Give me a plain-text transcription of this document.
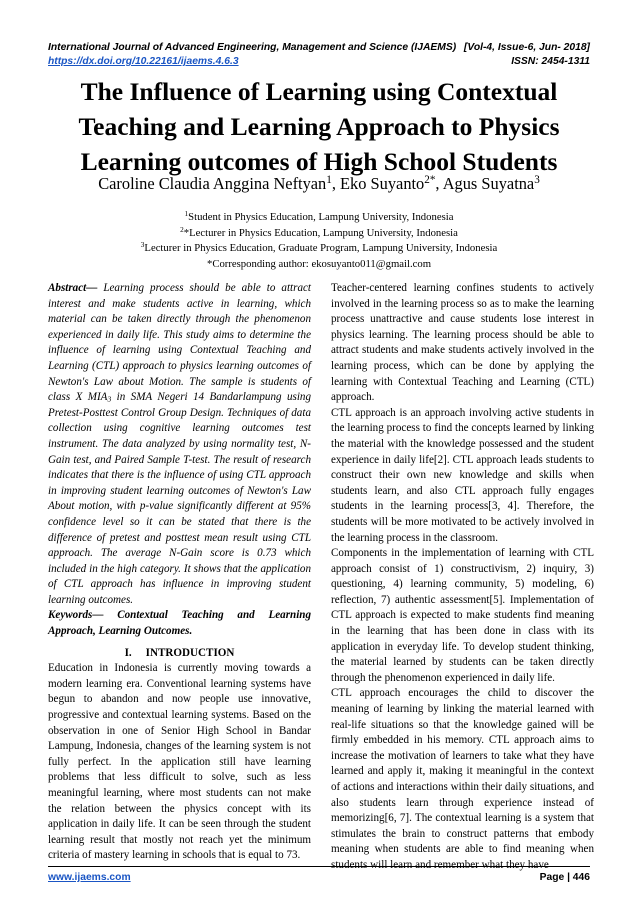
International Journal of Advanced Engineering, Management and Science (IJAEMS) [Vol-4, Issue-6, Jun- 2018]
https://dx.doi.org/10.22161/ijaems.4.6.3	ISSN: 2454-1311
The Influence of Learning using Contextual
Teaching and Learning Approach to Physics
Learning outcomes of High School Students
Caroline Claudia Anggina Neftyan$^1$, Eko Suyanto$^{2*}$, Agus Suyatna$^3$
$^1$Student in Physics Education, Lampung University, Indonesia
$^2$*Lecturer in Physics Education, Lampung University, Indonesia
$^3$Lecturer in Physics Education, Graduate Program, Lampung University, Indonesia
*Corresponding author: ekosuyanto011@gmail.com

Abstract— Learning process should be able to attract interest and make students active in learning, which material can be taken directly through the phenomenon experienced in daily life. This study aims to determine the influence of learning using Contextual Teaching and Learning (CTL) approach to physics learning outcomes of Newton's Law about Motion. The sample is students of class X $MIA_3$ in SMA Negeri 14 Bandarlampung using Pretest-Posttest Control Group Design. Techniques of data collection using cognitive learning outcomes test instrument. The data analyzed by using normality test, N-Gain test, and Paired Sample T-test. The result of research indicates that there is the influence of using CTL approach in improving student learning outcomes of Newton's Law About motion, with p-value significantly different at 95% confidence level so it can be stated that there is the difference of pretest and posttest mean result using CTL approach. The average N-Gain score is 0.73 which included in the high category. It shows that the application of CTL approach has influence in improving student learning outcomes.

Keywords— Contextual Teaching and Learning Approach, Learning Outcomes.

I. INTRODUCTION

Education in Indonesia is currently moving towards a modern learning era. Conventional learning systems have begun to abandon and now people use innovative, progressive and contextual learning systems. Based on the observation in one of Senior High School in Bandar Lampung, Indonesia, changes of the learning system is not fully perfect. In the application still have learning problems that less difficult to solve, such as less meaningful learning, where most students can not make the relation between the physics concept with its application in daily life. It can be seen through the student learning result that mostly not reach yet the minimum criteria of mastery learning in schools that is equal to 73.

Teacher-centered learning confines students to actively involved in the learning process so as to make the learning process unattractive and cause students lose interest in physics learning. The learning process should be able to attract students and make students actively involved in the learning process, which can be done by applying the learning with Contextual Teaching and Learning (CTL) approach.

CTL approach is an approach involving active students in the learning process to find the concepts learned by linking the material with the knowledge possessed and the student experience in daily life[2]. CTL approach leads students to construct their own new knowledge and skills when students learn, and also CTL approach fully engages students in the learning process[3, 4]. Therefore, the students will be more motivated to be actively involved in the learning process in the classroom.

Components in the implementation of learning with CTL approach consist of 1) constructivism, 2) inquiry, 3) questioning, 4) learning community, 5) modeling, 6) reflection, 7) authentic assessment[5]. Implementation of CTL approach is expected to make students find meaning in the learning that has been done in class with its application in everyday life. To develop student thinking, the material learned by students can be taken directly through the phenomenon experienced in daily life.

CTL approach encourages the child to discover the meaning of learning by linking the material learned with real-life situations so that the knowledge gained will be firmly embedded in his memory. CTL approach aims to increase the motivation of learners to take what they have learned and apply it, making it meaningful in the context of actions and interactions within their daily situations, and also students learn through experience instead of memorizing[6, 7]. The contextual learning is a system that stimulates the brain to construct patterns that embody meaning when students are able to find meaning when students will learn and remember what they have

www.ijaems.com	Page | 446
